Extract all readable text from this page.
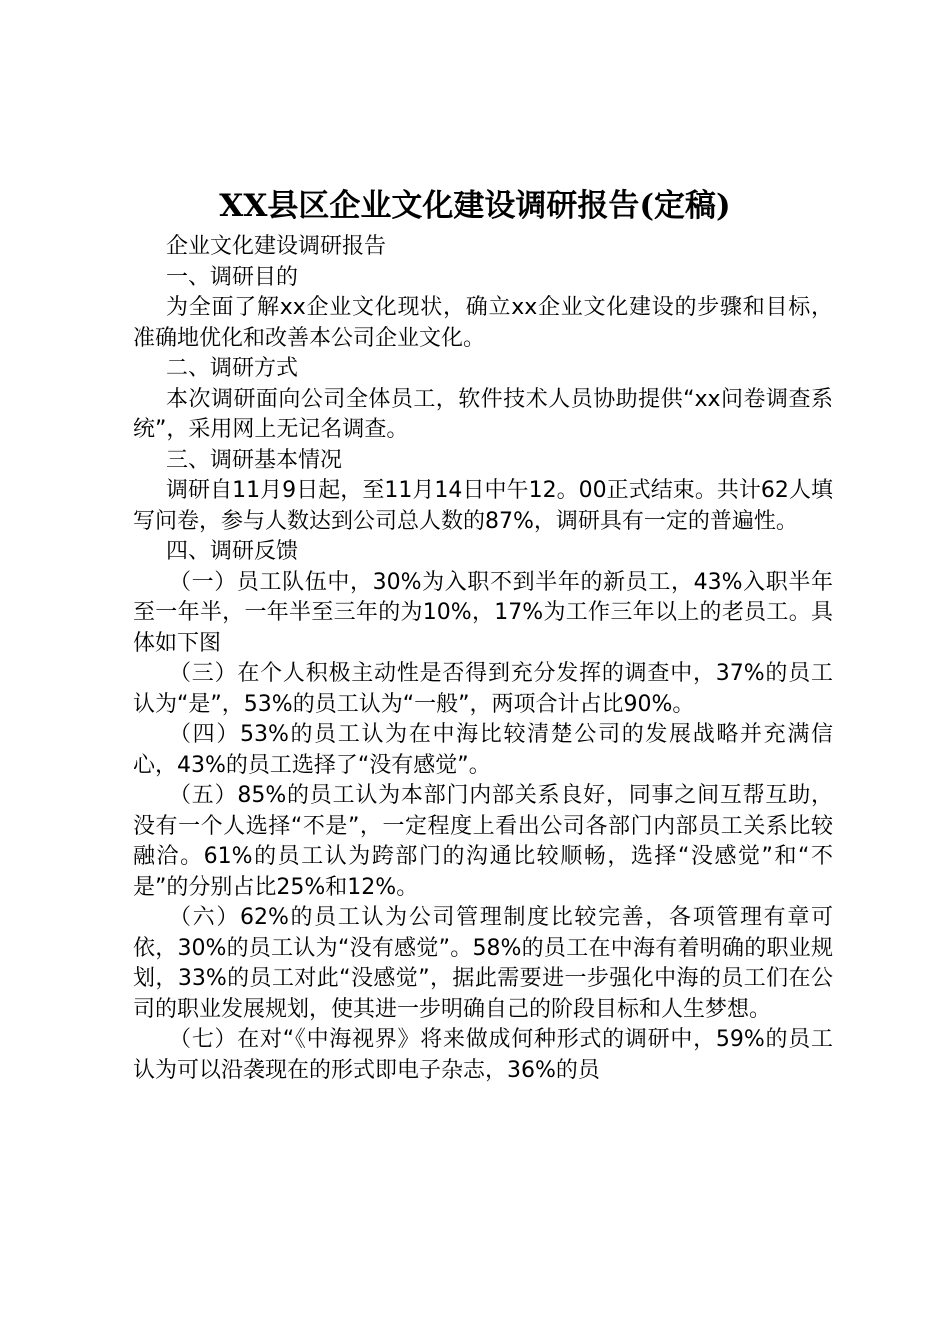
XX县区企业文化建设调研报告(定稿)

企业文化建设调研报告

一、调研目的

为全面了解xx企业文化现状，确立xx企业文化建设的步骤和目标，准确地优化和改善本公司企业文化。

二、调研方式

本次调研面向公司全体员工，软件技术人员协助提供“xx问卷调查系统”，采用网上无记名调查。

三、调研基本情况

调研自11月9日起，至11月14日中午12。00正式结束。共计62人填写问卷，参与人数达到公司总人数的87%，调研具有一定的普遍性。

四、调研反馈

（一）员工队伍中，30%为入职不到半年的新员工，43%入职半年至一年半，一年半至三年的为10%，17%为工作三年以上的老员工。具体如下图

（三）在个人积极主动性是否得到充分发挥的调查中，37%的员工认为“是”，53%的员工认为“一般”，两项合计占比90%。

（四）53%的员工认为在中海比较清楚公司的发展战略并充满信心，43%的员工选择了“没有感觉”。

（五）85%的员工认为本部门内部关系良好，同事之间互帮互助，没有一个人选择“不是”，一定程度上看出公司各部门内部员工关系比较融洽。61%的员工认为跨部门的沟通比较顺畅，选择“没感觉”和“不是”的分别占比25%和12%。

（六）62%的员工认为公司管理制度比较完善，各项管理有章可依，30%的员工认为“没有感觉”。58%的员工在中海有着明确的职业规划，33%的员工对此“没感觉”，据此需要进一步强化中海的员工们在公司的职业发展规划，使其进一步明确自己的阶段目标和人生梦想。

（七）在对“《中海视界》将来做成何种形式的调研中，59%的员工认为可以沿袭现在的形式即电子杂志，36%的员
